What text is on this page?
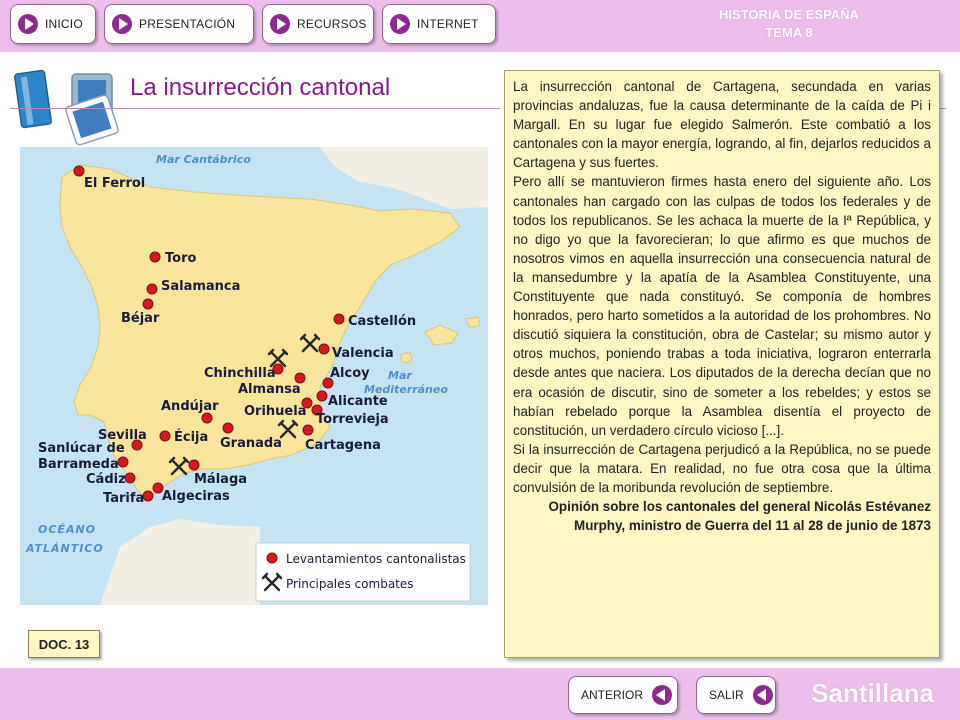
INICIO	PRESENTACIÓN	RECURSOS	INTERNET
HISTORIA DE ESPAÑA
TEMA 8
La insurrección cantonal
Mar Cantábrico
Mar
Mediterráneo
OCÉANO
ATLÁNTICO
El Ferrol
Toro
Salamanca
Béjar	Castellón
Valencia
Chinchilla	Alcoy
Almansa
Andújar	Alicante
Orihuela
Torrevieja
Sevilla Écija Granada Cartagena
Sanlúcar de
Barrameda
Cádiz	Málaga
Tarifa Algeciras
Levantamientos cantonalistas
Principales combates
DOC. 13

La insurrección cantonal de Cartagena, secundada en varias provincias andaluzas, fue la causa determinante de la caída de Pi i Margall. En su lugar fue elegido Salmerón. Este combatió a los cantonales con la mayor energía, logrando, al fin, dejarlos reducidos a Cartagena y sus fuertes.

Pero allí se mantuvieron firmes hasta enero del siguiente año. Los cantonales han cargado con las culpas de todos los federales y de todos los republicanos. Se les achaca la muerte de la Iª República, y no digo yo que la favorecieran; lo que afirmo es que muchos de nosotros vimos en aquella insurrección una consecuencia natural de la mansedumbre y la apatía de la Asamblea Constituyente, una Constituyente que nada constituyó. Se componía de hombres honrados, pero harto sometidos a la autoridad de los prohombres. No discutió siquiera la constitución, obra de Castelar; su mismo autor y otros muchos, poniendo trabas a toda iniciativa, lograron enterrarla desde antes que naciera. Los diputados de la derecha decían que no era ocasión de discutir, sino de someter a los rebeldes; y estos se habían rebelado porque la Asamblea disentía el proyecto de constitución, un verdadero círculo vicioso [...].

Si la insurrección de Cartagena perjudicó a la República, no se puede decir que la matara. En realidad, no fue otra cosa que la última convulsión de la moribunda revolución de septiembre.

Opinión sobre los cantonales del general Nicolás Estévanez Murphy, ministro de Guerra del 11 al 28 de junio de 1873

ANTERIOR	SALIR	Santillana
